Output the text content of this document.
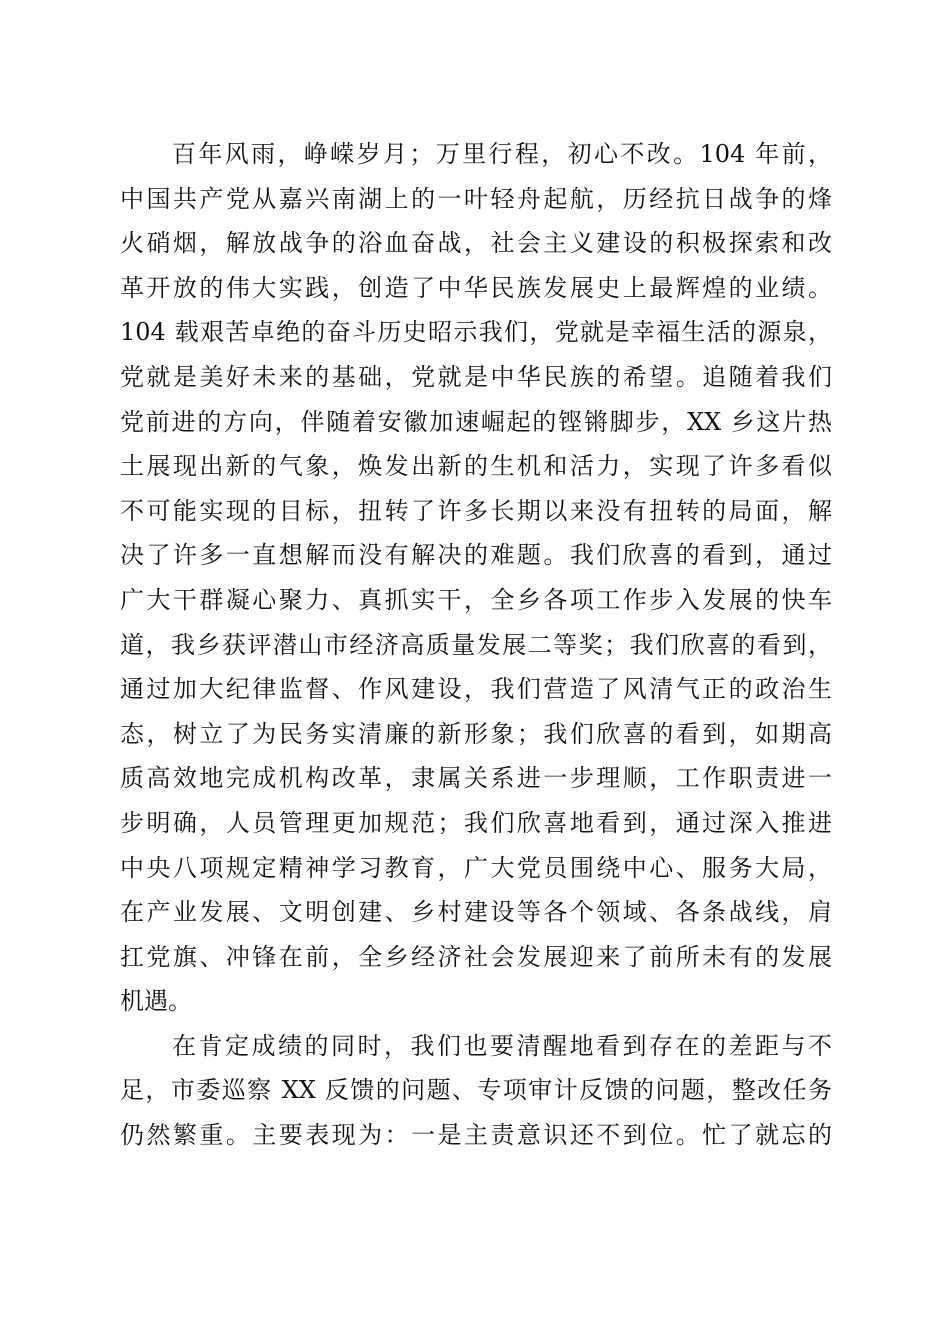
百年风雨，峥嵘岁月；万里行程，初心不改。104 年前，
中国共产党从嘉兴南湖上的一叶轻舟起航，历经抗日战争的烽
火硝烟，解放战争的浴血奋战，社会主义建设的积极探索和改
革开放的伟大实践，创造了中华民族发展史上最辉煌的业绩。
104 载艰苦卓绝的奋斗历史昭示我们，党就是幸福生活的源泉，
党就是美好未来的基础，党就是中华民族的希望。追随着我们
党前进的方向，伴随着安徽加速崛起的铿锵脚步，XX 乡这片热
土展现出新的气象，焕发出新的生机和活力，实现了许多看似
不可能实现的目标，扭转了许多长期以来没有扭转的局面，解
决了许多一直想解而没有解决的难题。我们欣喜的看到，通过
广大干群凝心聚力、真抓实干，全乡各项工作步入发展的快车
道，我乡获评潜山市经济高质量发展二等奖；我们欣喜的看到，
通过加大纪律监督、作风建设，我们营造了风清气正的政治生
态，树立了为民务实清廉的新形象；我们欣喜的看到，如期高
质高效地完成机构改革，隶属关系进一步理顺，工作职责进一
步明确，人员管理更加规范；我们欣喜地看到，通过深入推进
中央八项规定精神学习教育，广大党员围绕中心、服务大局，
在产业发展、文明创建、乡村建设等各个领域、各条战线，肩
扛党旗、冲锋在前，全乡经济社会发展迎来了前所未有的发展
机遇。
在肯定成绩的同时，我们也要清醒地看到存在的差距与不
足，市委巡察 XX 反馈的问题、专项审计反馈的问题，整改任务
仍然繁重。主要表现为：一是主责意识还不到位。忙了就忘的
